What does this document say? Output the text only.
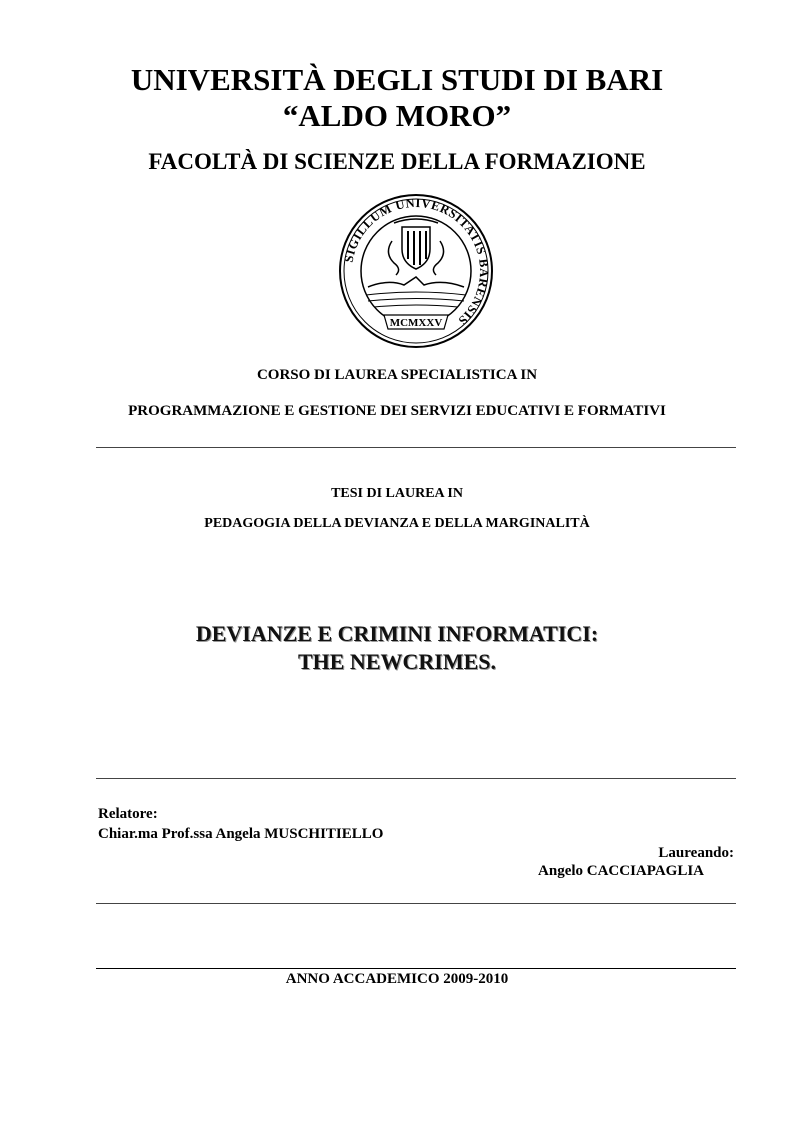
UNIVERSITÀ DEGLI STUDI DI BARI
“ALDO MORO”
FACOLTÀ DI SCIENZE DELLA FORMAZIONE
SIGILLUM UNIVERSITATIS BARENSIS
MCMXXV
CORSO DI LAUREA SPECIALISTICA IN
PROGRAMMAZIONE E GESTIONE DEI SERVIZI EDUCATIVI E FORMATIVI
TESI DI LAUREA IN
PEDAGOGIA DELLA DEVIANZA E DELLA MARGINALITÀ
DEVIANZE E CRIMINI INFORMATICI:
THE NEWCRIMES.
Relatore:
Chiar.ma Prof.ssa Angela MUSCHITIELLO
Laureando:
Angelo CACCIAPAGLIA
ANNO ACCADEMICO 2009-2010
